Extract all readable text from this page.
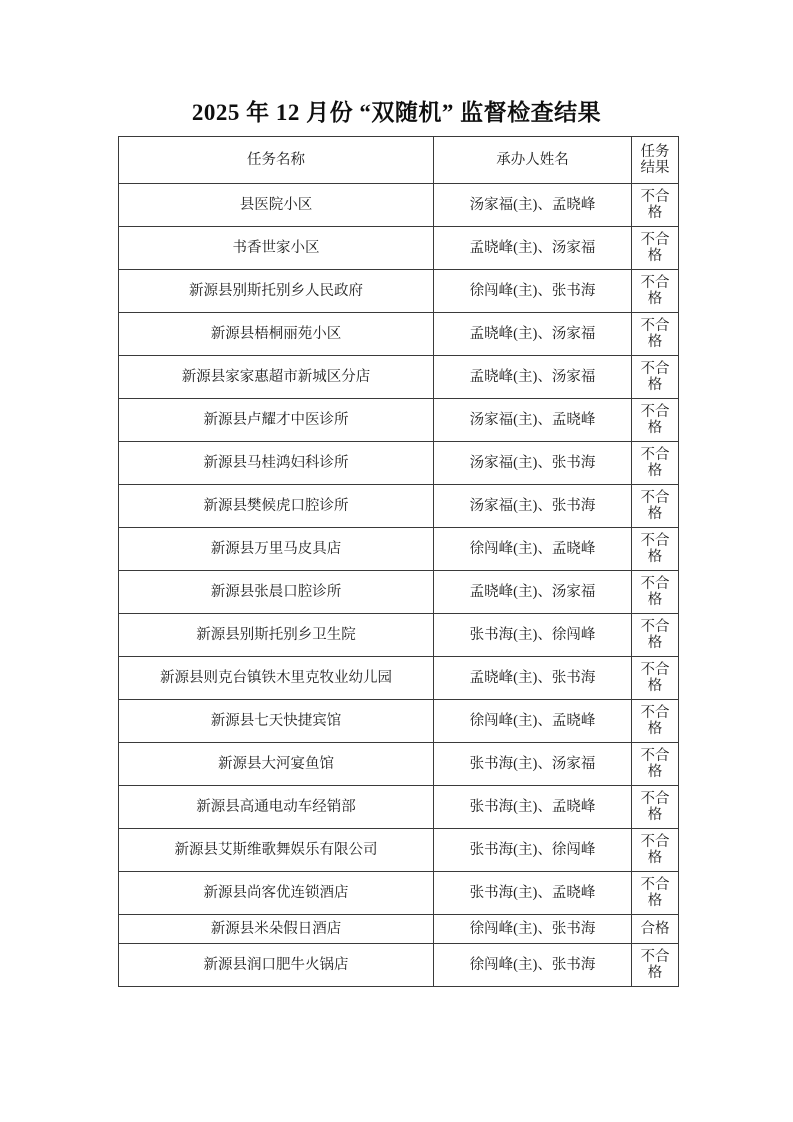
2025 年 12 月份 “双随机” 监督检查结果
任务名称	承办人姓名	任务结果
县医院小区	汤家福(主)、孟晓峰	不合格
书香世家小区	孟晓峰(主)、汤家福	不合格
新源县别斯托别乡人民政府	徐闯峰(主)、张书海	不合格
新源县梧桐丽苑小区	孟晓峰(主)、汤家福	不合格
新源县家家惠超市新城区分店	孟晓峰(主)、汤家福	不合格
新源县卢耀才中医诊所	汤家福(主)、孟晓峰	不合格
新源县马桂鸿妇科诊所	汤家福(主)、张书海	不合格
新源县樊候虎口腔诊所	汤家福(主)、张书海	不合格
新源县万里马皮具店	徐闯峰(主)、孟晓峰	不合格
新源县张晨口腔诊所	孟晓峰(主)、汤家福	不合格
新源县别斯托别乡卫生院	张书海(主)、徐闯峰	不合格
新源县则克台镇铁木里克牧业幼儿园	孟晓峰(主)、张书海	不合格
新源县七天快捷宾馆	徐闯峰(主)、孟晓峰	不合格
新源县大河宴鱼馆	张书海(主)、汤家福	不合格
新源县高通电动车经销部	张书海(主)、孟晓峰	不合格
新源县艾斯维歌舞娱乐有限公司	张书海(主)、徐闯峰	不合格
新源县尚客优连锁酒店	张书海(主)、孟晓峰	不合格
新源县米朵假日酒店	徐闯峰(主)、张书海	合格
新源县润口肥牛火锅店	徐闯峰(主)、张书海	不合格
